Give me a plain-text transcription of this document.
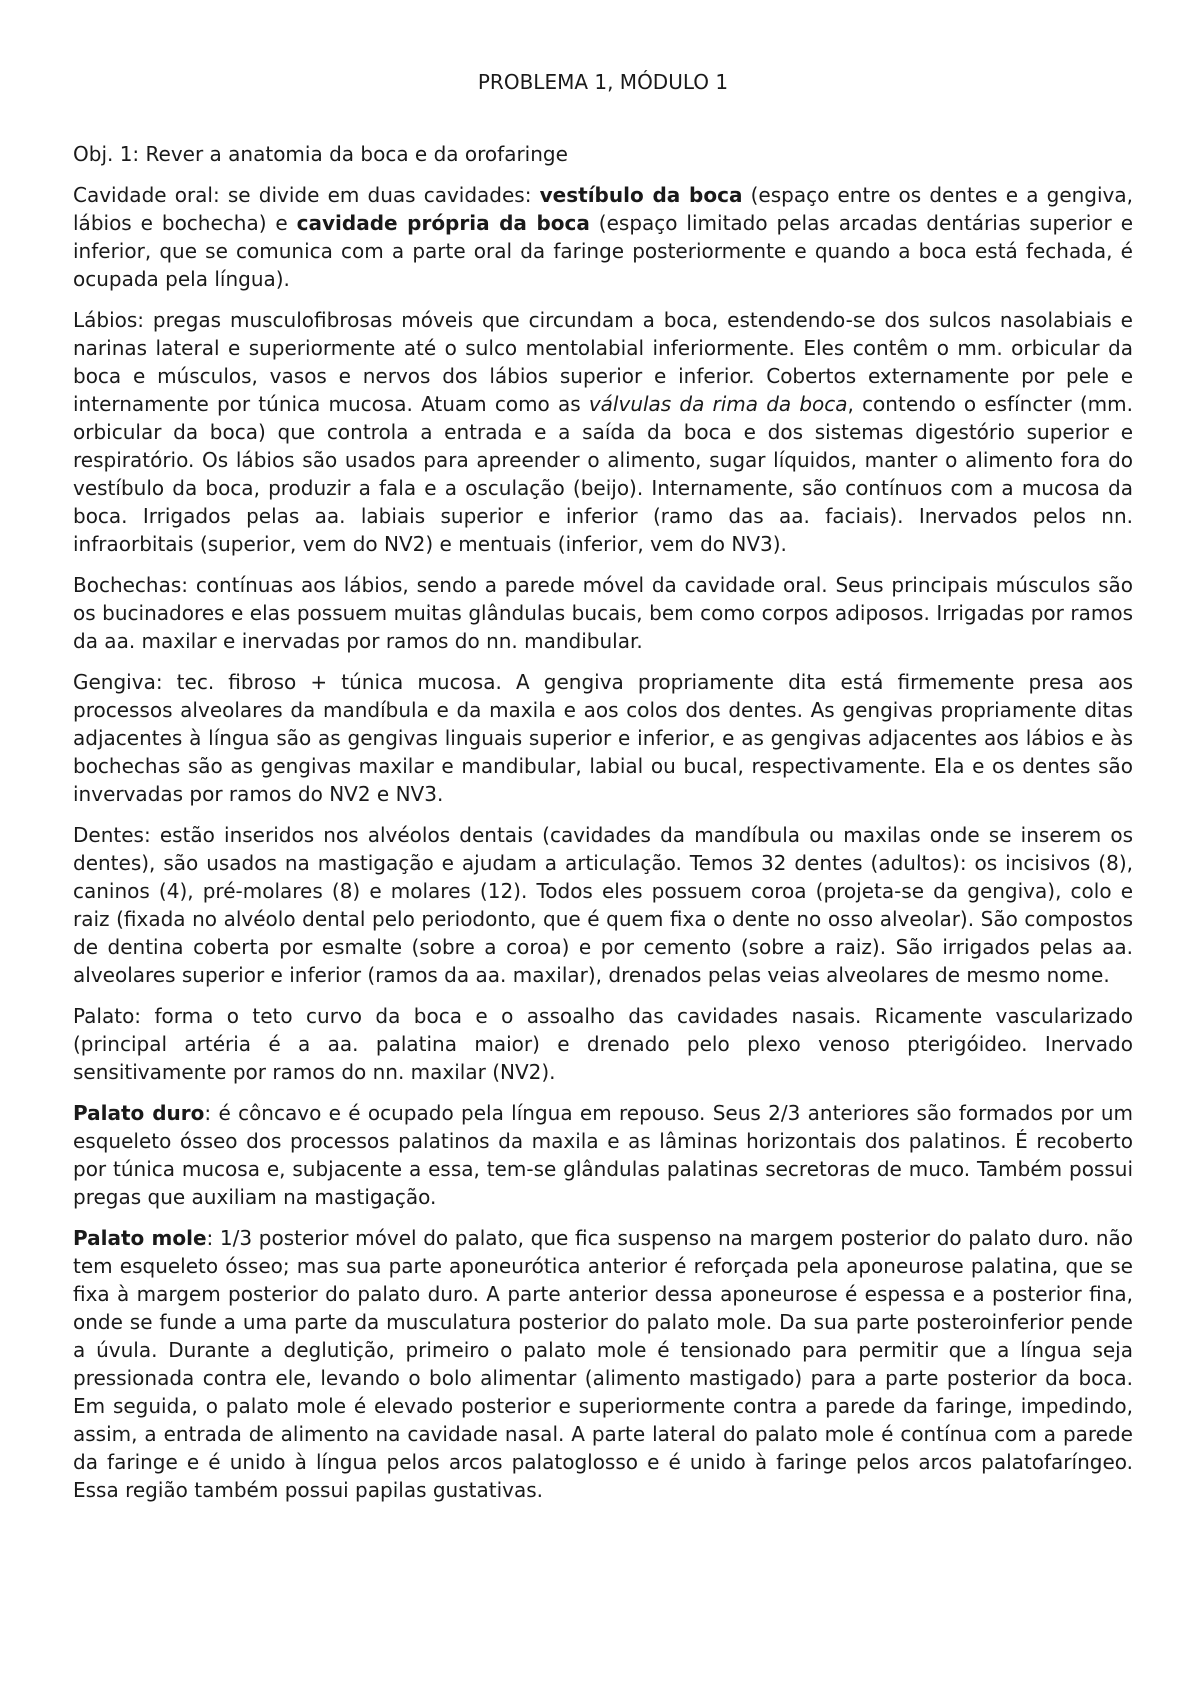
PROBLEMA 1, MÓDULO 1
Obj. 1: Rever a anatomia da boca e da orofaringe

Cavidade oral: se divide em duas cavidades: vestíbulo da boca (espaço entre os dentes e a gengiva, lábios e bochecha) e cavidade própria da boca (espaço limitado pelas arcadas dentárias superior e inferior, que se comunica com a parte oral da faringe posteriormente e quando a boca está fechada, é ocupada pela língua).

Lábios: pregas musculofibrosas móveis que circundam a boca, estendendo-se dos sulcos nasolabiais e narinas lateral e superiormente até o sulco mentolabial inferiormente. Eles contêm o mm. orbicular da boca e músculos, vasos e nervos dos lábios superior e inferior. Cobertos externamente por pele e internamente por túnica mucosa. Atuam como as válvulas da rima da boca, contendo o esfíncter (mm. orbicular da boca) que controla a entrada e a saída da boca e dos sistemas digestório superior e respiratório. Os lábios são usados para apreender o alimento, sugar líquidos, manter o alimento fora do vestíbulo da boca, produzir a fala e a osculação (beijo). Internamente, são contínuos com a mucosa da boca. Irrigados pelas aa. labiais superior e inferior (ramo das aa. faciais). Inervados pelos nn. infraorbitais (superior, vem do NV2) e mentuais (inferior, vem do NV3).

Bochechas: contínuas aos lábios, sendo a parede móvel da cavidade oral. Seus principais músculos são os bucinadores e elas possuem muitas glândulas bucais, bem como corpos adiposos. Irrigadas por ramos da aa. maxilar e inervadas por ramos do nn. mandibular.

Gengiva: tec. fibroso + túnica mucosa. A gengiva propriamente dita está firmemente presa aos processos alveolares da mandíbula e da maxila e aos colos dos dentes. As gengivas propriamente ditas adjacentes à língua são as gengivas linguais superior e inferior, e as gengivas adjacentes aos lábios e às bochechas são as gengivas maxilar e mandibular, labial ou bucal, respectivamente. Ela e os dentes são invervadas por ramos do NV2 e NV3.

Dentes: estão inseridos nos alvéolos dentais (cavidades da mandíbula ou maxilas onde se inserem os dentes), são usados na mastigação e ajudam a articulação. Temos 32 dentes (adultos): os incisivos (8), caninos (4), pré-molares (8) e molares (12). Todos eles possuem coroa (projeta-se da gengiva), colo e raiz (fixada no alvéolo dental pelo periodonto, que é quem fixa o dente no osso alveolar). São compostos de dentina coberta por esmalte (sobre a coroa) e por cemento (sobre a raiz). São irrigados pelas aa. alveolares superior e inferior (ramos da aa. maxilar), drenados pelas veias alveolares de mesmo nome.

Palato: forma o teto curvo da boca e o assoalho das cavidades nasais. Ricamente vascularizado (principal artéria é a aa. palatina maior) e drenado pelo plexo venoso pterigóideo. Inervado sensitivamente por ramos do nn. maxilar (NV2).

Palato duro: é côncavo e é ocupado pela língua em repouso. Seus 2/3 anteriores são formados por um esqueleto ósseo dos processos palatinos da maxila e as lâminas horizontais dos palatinos. É recoberto por túnica mucosa e, subjacente a essa, tem-se glândulas palatinas secretoras de muco. Também possui pregas que auxiliam na mastigação.

Palato mole: 1/3 posterior móvel do palato, que fica suspenso na margem posterior do palato duro. não tem esqueleto ósseo; mas sua parte aponeurótica anterior é reforçada pela aponeurose palatina, que se fixa à margem posterior do palato duro. A parte anterior dessa aponeurose é espessa e a posterior fina, onde se funde a uma parte da musculatura posterior do palato mole. Da sua parte posteroinferior pende a úvula. Durante a deglutição, primeiro o palato mole é tensionado para permitir que a língua seja pressionada contra ele, levando o bolo alimentar (alimento mastigado) para a parte posterior da boca. Em seguida, o palato mole é elevado posterior e superiormente contra a parede da faringe, impedindo, assim, a entrada de alimento na cavidade nasal. A parte lateral do palato mole é contínua com a parede da faringe e é unido à língua pelos arcos palatoglosso e é unido à faringe pelos arcos palatofaríngeo. Essa região também possui papilas gustativas.
